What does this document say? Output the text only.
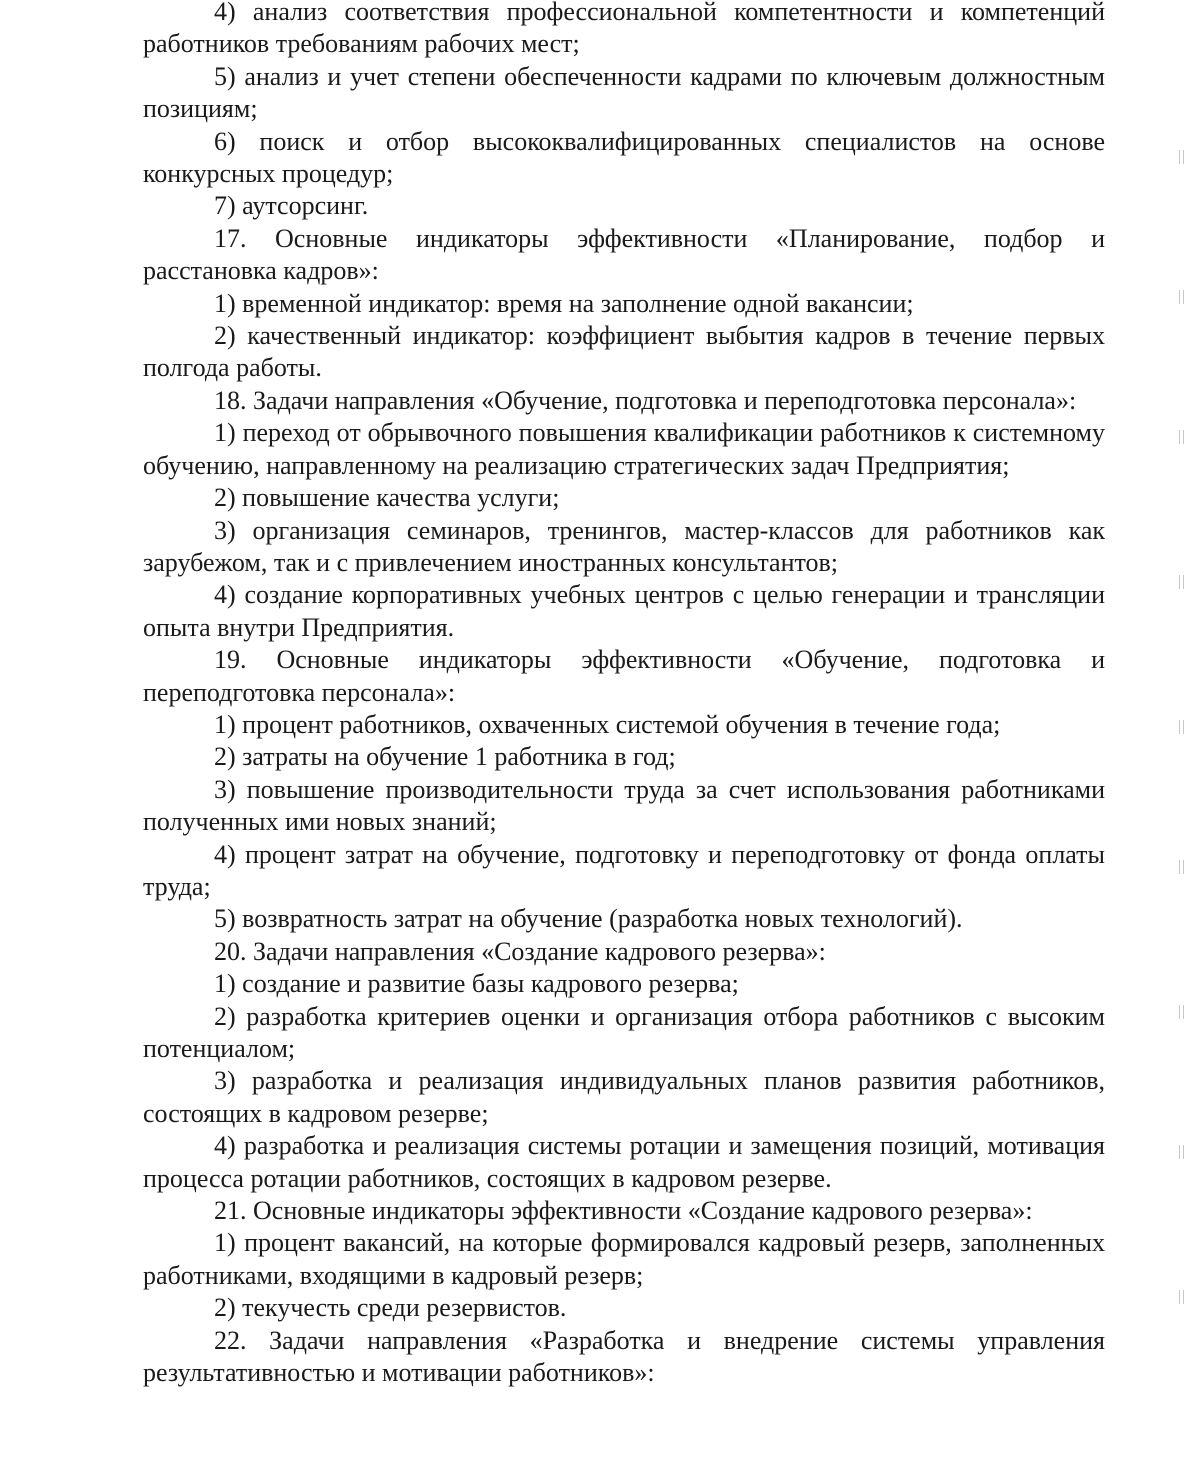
4) анализ соответствия профессиональной компетентности и компетенций работников требованиям рабочих мест;

5) анализ и учет степени обеспеченности кадрами по ключевым должностным позициям;

6) поиск и отбор высококвалифицированных специалистов на основе конкурсных процедур;

7) аутсорсинг.

17. Основные индикаторы эффективности «Планирование, подбор и расстановка кадров»:

1) временной индикатор: время на заполнение одной вакансии;

2) качественный индикатор: коэффициент выбытия кадров в течение первых полгода работы.

18. Задачи направления «Обучение, подготовка и переподготовка персонала»:

1) переход от обрывочного повышения квалификации работников к системному обучению, направленному на реализацию стратегических задач Предприятия;

2) повышение качества услуги;

3) организация семинаров, тренингов, мастер-классов для работников как зарубежом, так и с привлечением иностранных консультантов;

4) создание корпоративных учебных центров с целью генерации и трансляции опыта внутри Предприятия.

19. Основные индикаторы эффективности «Обучение, подготовка и переподготовка персонала»:

1) процент работников, охваченных системой обучения в течение года;

2) затраты на обучение 1 работника в год;

3) повышение производительности труда за счет использования работниками полученных ими новых знаний;

4) процент затрат на обучение, подготовку и переподготовку от фонда оплаты труда;

5) возвратность затрат на обучение (разработка новых технологий).

20. Задачи направления «Создание кадрового резерва»:

1) создание и развитие базы кадрового резерва;

2) разработка критериев оценки и организация отбора работников с высоким потенциалом;

3) разработка и реализация индивидуальных планов развития работников, состоящих в кадровом резерве;

4) разработка и реализация системы ротации и замещения позиций, мотивация процесса ротации работников, состоящих в кадровом резерве.

21. Основные индикаторы эффективности «Создание кадрового резерва»:

1) процент вакансий, на которые формировался кадровый резерв, заполненных работниками, входящими в кадровый резерв;

2) текучесть среди резервистов.

22. Задачи направления «Разработка и внедрение системы управления результативностью и мотивации работников»:
